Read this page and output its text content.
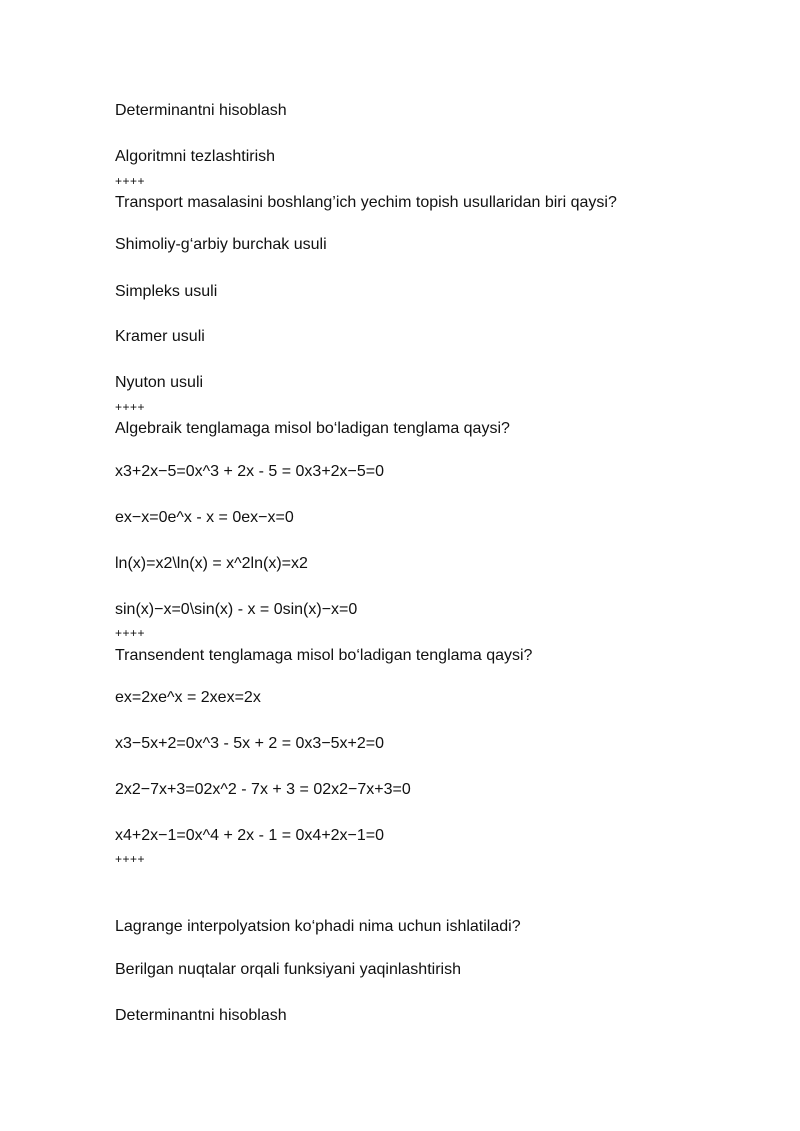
Determinantni hisoblash
Algoritmni tezlashtirish
++++
Transport masalasini boshlang’ich yechim topish usullaridan biri qaysi?
Shimoliy-g‘arbiy burchak usuli
Simpleks usuli
Kramer usuli
Nyuton usuli
++++
Algebraik tenglamaga misol bo‘ladigan tenglama qaysi?
x3+2x−5=0x^3 + 2x - 5 = 0x3+2x−5=0
ex−x=0e^x - x = 0ex−x=0
ln(x)=x2\ln(x) = x^2ln(x)=x2
sin(x)−x=0\sin(x) - x = 0sin(x)−x=0
++++
Transendent tenglamaga misol bo‘ladigan tenglama qaysi?
ex=2xe^x = 2xex=2x
x3−5x+2=0x^3 - 5x + 2 = 0x3−5x+2=0
2x2−7x+3=02x^2 - 7x + 3 = 02x2−7x+3=0
x4+2x−1=0x^4 + 2x - 1 = 0x4+2x−1=0
++++
Lagrange interpolyatsion ko‘phadi nima uchun ishlatiladi?
Berilgan nuqtalar orqali funksiyani yaqinlashtirish
Determinantni hisoblash
